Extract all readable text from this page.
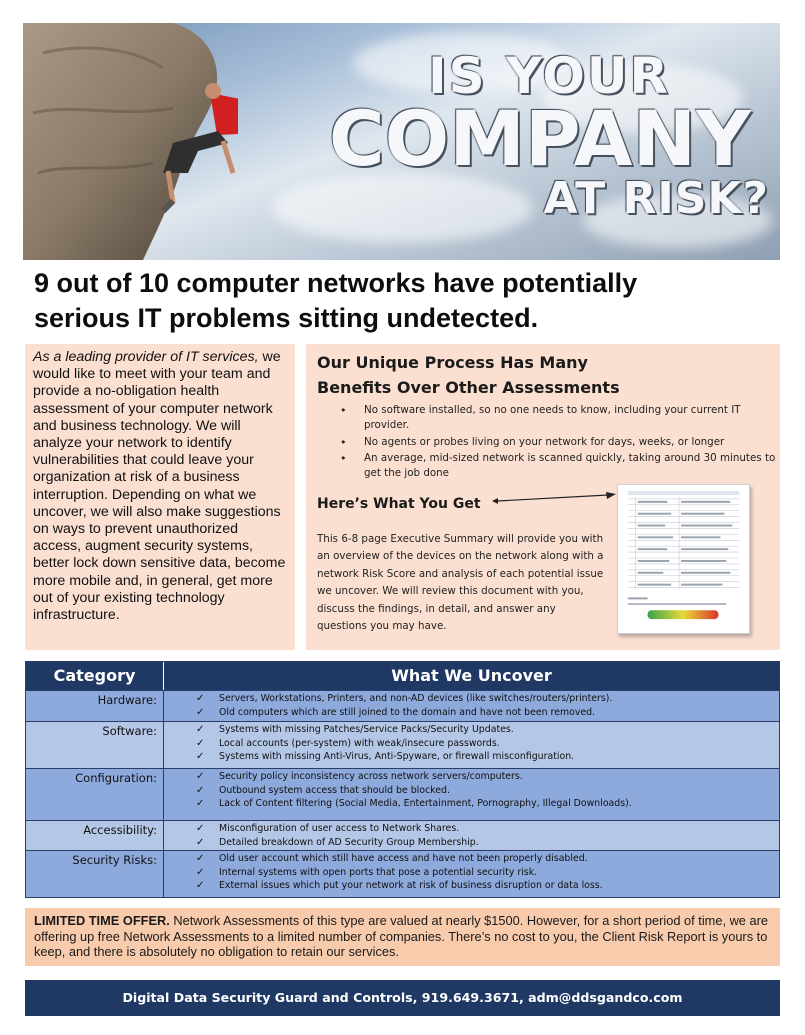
IS YOUR
COMPANY
AT RISK?
9 out of 10 computer networks have potentially
serious IT problems sitting undetected.

As a leading provider of IT services, we would like to meet with your team and provide a no-obligation health assessment of your computer network and business technology. We will analyze your network to identify vulnerabilities that could leave your organization at risk of a business interruption. Depending on what we uncover, we will also make suggestions on ways to prevent unauthorized access, augment security systems, better lock down sensitive data, become more mobile and, in general, get more out of your existing technology infrastructure.

Our Unique Process Has Many
Benefits Over Other Assessments
• No software installed, so no one needs to know, including your current IT provider.
• No agents or probes living on your network for days, weeks, or longer
• An average, mid-sized network is scanned quickly, taking around 30 minutes to get the job done
Here’s What You Get
This 6-8 page Executive Summary will provide you with an overview of the devices on the network along with a network Risk Score and analysis of each potential issue we uncover. We will review this document with you, discuss the findings, in detail, and answer any questions you may have.
Category	What We Uncover
Hardware:	✓ Servers, Workstations, Printers, and non-AD devices (like switches/routers/printers).
✓ Old computers which are still joined to the domain and have not been removed.
Software:	✓ Systems with missing Patches/Service Packs/Security Updates.
✓ Local accounts (per-system) with weak/insecure passwords.
✓ Systems with missing Anti-Virus, Anti-Spyware, or firewall misconfiguration.
Configuration:	✓ Security policy inconsistency across network servers/computers.
✓ Outbound system access that should be blocked.
✓ Lack of Content filtering (Social Media, Entertainment, Pornography, Illegal Downloads).
Accessibility:	✓ Misconfiguration of user access to Network Shares.
✓ Detailed breakdown of AD Security Group Membership.
Security Risks:	✓ Old user account which still have access and have not been properly disabled.
✓ Internal systems with open ports that pose a potential security risk.
✓ External issues which put your network at risk of business disruption or data loss.
LIMITED TIME OFFER. Network Assessments of this type are valued at nearly $1500. However, for a short period of time, we are offering up free Network Assessments to a limited number of companies. There’s no cost to you, the Client Risk Report is yours to keep, and there is absolutely no obligation to retain our services.
Digital Data Security Guard and Controls, 919.649.3671, adm@ddsgandco.com
